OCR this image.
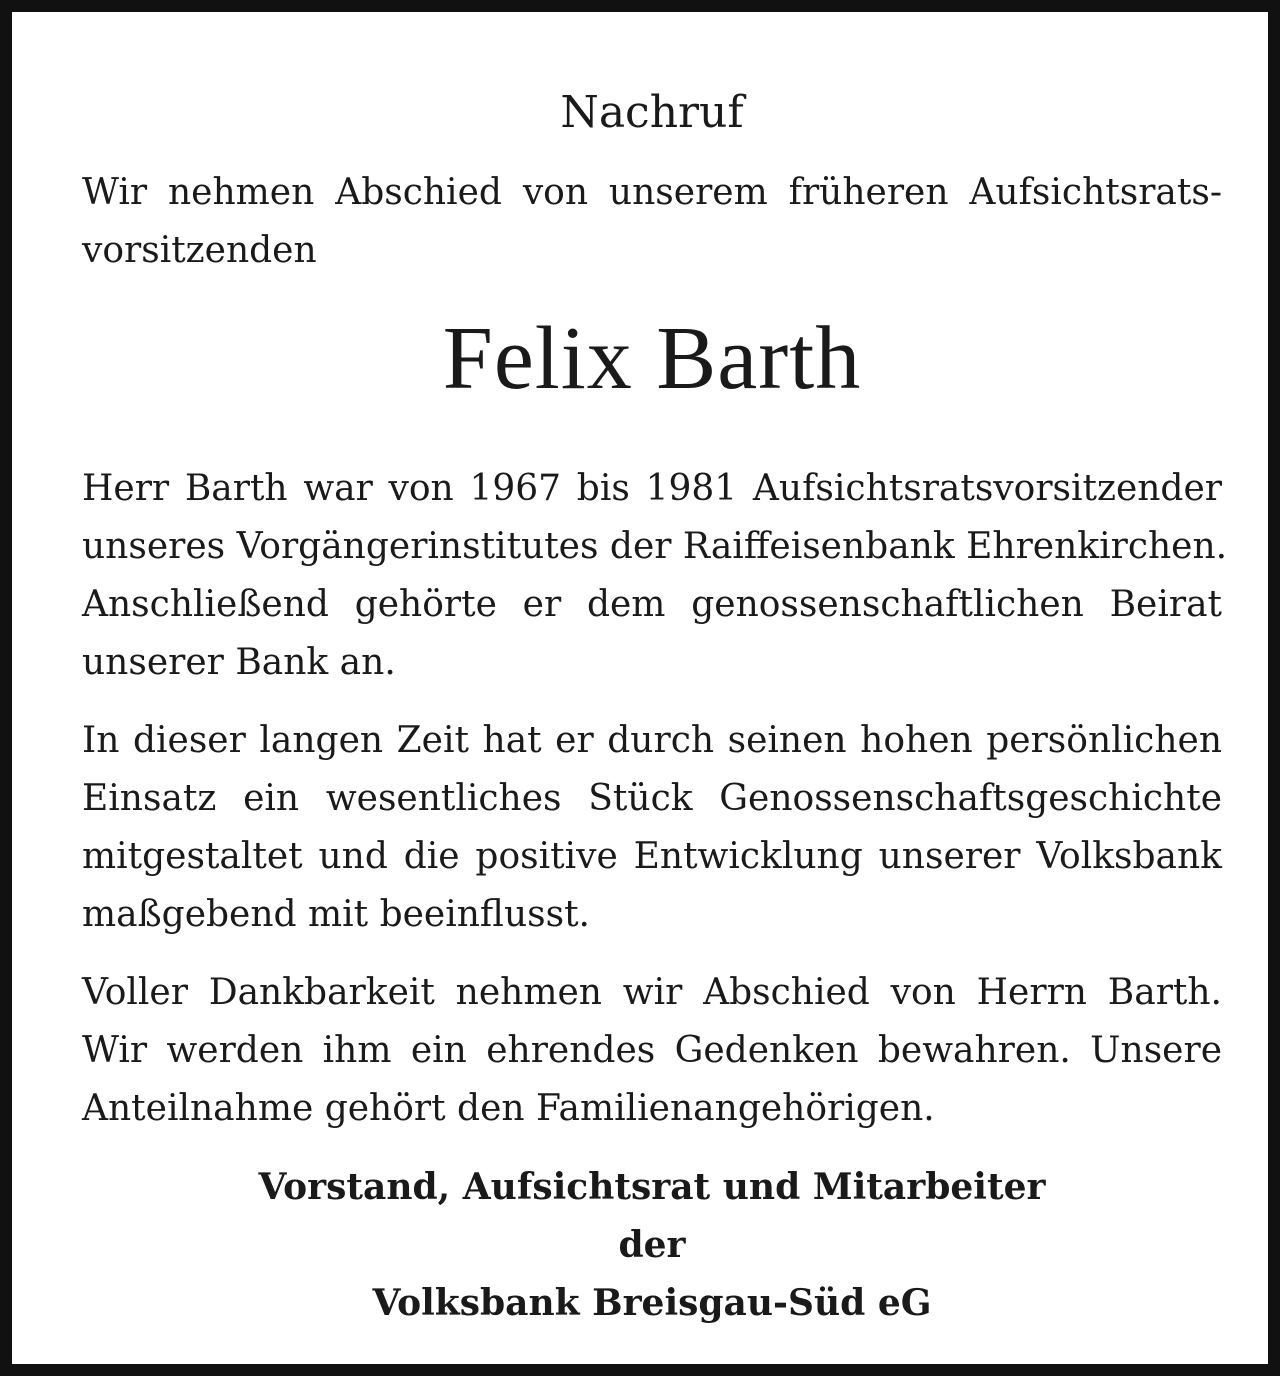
Nachruf

Wir nehmen Abschied von unserem früheren Aufsichtsrats-
vorsitzenden

Felix Barth

Herr Barth war von 1967 bis 1981 Aufsichtsratsvorsitzender
unseres Vorgängerinstitutes der Raiffeisenbank Ehrenkirchen.
Anschließend gehörte er dem genossenschaftlichen Beirat
unserer Bank an.

In dieser langen Zeit hat er durch seinen hohen persönlichen
Einsatz ein wesentliches Stück Genossenschaftsgeschichte
mitgestaltet und die positive Entwicklung unserer Volksbank
maßgebend mit beeinflusst.

Voller Dankbarkeit nehmen wir Abschied von Herrn Barth.
Wir werden ihm ein ehrendes Gedenken bewahren. Unsere
Anteilnahme gehört den Familienangehörigen.

Vorstand, Aufsichtsrat und Mitarbeiter
der
Volksbank Breisgau-Süd eG
